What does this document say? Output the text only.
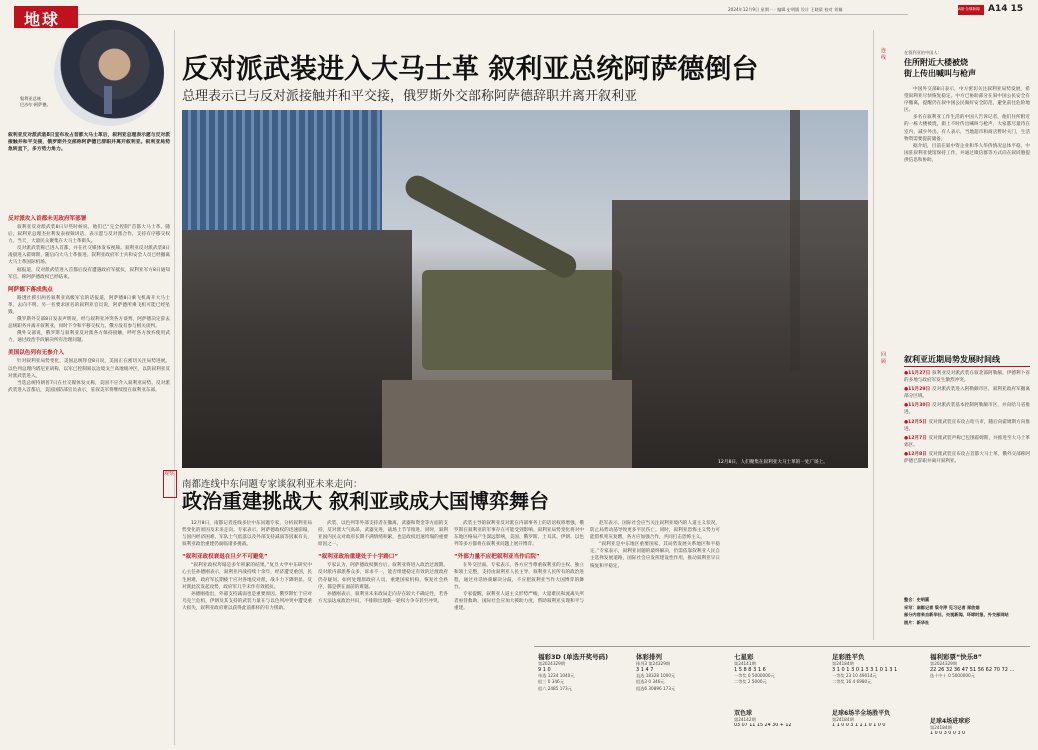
地球
2024年12月9日 星期一 · 编辑 史明圆 设计 王晓晨 校对 刘楠	A版·全球新闻 A14 15
叙利亚总统
巴沙尔·阿萨德。
叙利亚反对派武装8日宣布攻占首都大马士革后，叙利亚总理表示愿与反对派接触并和平交接，俄罗斯外交部称阿萨德已辞职并离开叙利亚。叙利亚局势急转直下，多方势力角力。
反对派攻入首都未见政府军部署
叙利亚反对派武装8日早些时候说，他们已“完全控制”首都大马士革。随后，叙利亚总理杰拉利发表视频讲话，表示愿与反对派合作，支持有序移交权力。当天，大量民众聚集在大马士革街头。
反对派武装称已进入首都，并在社交媒体发布视频。叙利亚反对派武装8日凌晨进入霍姆斯，随后向大马士革推进。叙利亚政府军士兵和安全人员已经撤离大马士革国际机场。
据报道，反对派武装进入首都后没有遭遇政府军抵抗，叙利亚军方8日通知军官，称阿萨德政权已经结束。
阿萨德下落成焦点
路透社援引两名叙利亚高级军官的话报道，阿萨德8日乘飞机离开大马士革，去向不明。另一名要求匿名的叙利亚官员说，阿萨德所乘飞机可能已经坠毁。
俄罗斯外交部8日发表声明说，经与叙利亚冲突各方谈判，阿萨德决定辞去总统职务并离开叙利亚，同时下令和平移交权力。俄方没有参与相关谈判。
俄外交部说，俄罗斯与叙利亚反对派各方保持接触，呼吁各方放弃使用武力，通过政治手段解决所有治理问题。
美国以色列有无参介入
针对叙利亚局势变化，美国总统拜登8日说，美国正在密切关注局势进展。以色列总理内塔尼亚胡称，以军已控制叙以边境戈兰高地缓冲区，以防叙利亚反对派武装进入。
当选总统特朗普7日在社交媒体发文称，美国不应介入叙利亚局势。反对派武装进入首都后，美国国防部官员表示，驻叙美军将继续留在叙利亚东部。
反对派武装进入大马士革 叙利亚总统阿萨德倒台
总理表示已与反对派接触并和平交接，俄罗斯外交部称阿萨德辞职并离开叙利亚
12月8日，人们聚集在叙利亚大马士革的一处广场上。
观察
南都连线中东问题专家谈叙利亚未来走向：
政治重建挑战大 叙利亚或成大国博弈舞台
12月8日，南都记者连线多位中东问题专家，分析叙利亚局势变化的原因及未来走向。专家表示，阿萨德政权的迅速崩塌，与国内经济困难、军队士气低落以及外部支持减弱等因素有关，叙利亚政治重建仍面临诸多挑战。
“叙利亚政权衰退在旦夕不可避免”
“叙利亚政权垮塌是多年积累的结果。”复旦大学中东研究中心主任孙德刚表示，叙利亚内战持续十余年，经济遭受重创，民生困难，政府军长期疲于应对各地反对派，战斗力下降明显。反对派此次发起攻势，政府军几乎未作有效抵抗。
孙德刚指出，外部支持减弱也是重要原因。俄罗斯忙于应对乌克兰危机，伊朗及其支持的武装力量在与以色列冲突中遭受重大损失，叙利亚政府难以获得此前那样的有力援助。
武装、以色列等外部支持者在撤离，武器和资金等方面的支持，反对派大气高昂，武器先进，战场上节节推进。同时，叙利亚国内民众对政府长期不满情绪积累，也是政权迅速垮塌的重要原因之一。
“叙利亚政治重建处于十字路口”
专家认为，阿萨德政权倒台后，叙利亚将进入政治过渡期。反对派内部派系众多，诉求不一，能否组建稳定有效的过渡政府仍存疑问。如何处理原政府人员、重建国家机构、恢复社会秩序，都是摆在面前的难题。
孙德刚表示，叙利亚未来政局走向存在较大不确定性，若各方无法达成政治共识，不排除出现新一轮权力争夺甚至冲突。
武装主导的叙利亚反对派在内部事务上的话语权将增强，俄罗斯在叙利亚的军事存在可能受到影响。叙利亚局势变化将对中东地区格局产生深远影响，美国、俄罗斯、土耳其、伊朗、以色列等多方都将在叙利亚问题上展开博弈。
“外部力量不应把叙利亚当作后院”
在外交层面，专家表示，各方应当尊重叙利亚的主权、独立和领土完整，支持由叙利亚人民主导、叙利亚人民所有的政治进程，通过对话协商解决分歧，不应把叙利亚当作大国博弈的舞台。
专家提醒，叙利亚人道主义形势严峻，大量难民和流离失所者亟待救助，国际社会应加大援助力度，帮助叙利亚实现和平与重建。
赵军表示，国际社会应当关注叙利亚境内的人道主义状况，防止局势动荡导致更多平民伤亡。同时，叙利亚恐怖主义势力可能借机死灰复燃，各方应加强合作，共同打击恐怖主义。
“叙利亚是中东地区重要国家，其局势发展关系地区和平稳定。”专家表示，叙利亚问题的最终解决，仍需依靠叙利亚人民自主选择发展道路，国际社会应发挥建设性作用，推动叙利亚早日恢复和平稳定。
连线
在叙利亚的中国人：
住所附近大楼被烧
街上传出喊叫与枪声
中国外交部8日表示，中方密切关注叙利亚局势发展，希望叙利亚尽快恢复稳定。中方已协助部分在叙中国公民安全有序撤离，提醒仍在叙中国公民做好安全防范，避免前往危险地区。
多名在叙利亚工作生活的中国人告诉记者，他们住所附近的一栋大楼被烧，街上不时传出喊叫与枪声，大家都尽量待在室内，减少外出。有人表示，当地超市和商店暂时关门，生活物资需要提前储备。
据介绍，目前在叙中资企业和华人华侨情况总体平稳，中国驻叙利亚使馆保持工作，并通过微信群等方式向在叙同胞提供信息和协助。
回顾	叙利亚近期局势发展时间线
●11月27日 叙利亚反对派武装在叙北部阿勒颇、伊德利卜省的多地与政府军发生激烈冲突。
●11月29日 反对派武装进入阿勒颇市区，叙利亚政府军撤离部分区域。
●11月30日 反对派武装基本控制阿勒颇市区，并向哈马省推进。
●12月5日 反对派武装宣布攻占哈马市，随后向霍姆斯方向推进。
●12月7日 反对派武装声称已包围霍姆斯，并推进至大马士革郊区。
●12月8日 反对派武装宣布攻占首都大马士革，俄外交部称阿萨德已辞职并离开叙利亚。
整合：史明圆
采写：南都记者 梁令萍 见习记者 郑欣娟
部分内容来自新华社、央视新闻、环球时报、外交部网站
图片：新华社
福彩3D (单选开奖号码)
第2024329期
9 1 0
单选 1234 1040元
组三 0 346元
组六 2485 173元
体彩排列
排列3 第24329期
3 1 4 7
直选 18328 1000元
组选3 0 346元
组选6 30896 173元
七星彩
第24141期
1 5 8 8 3 1 6
一等奖 0 5000000元
二等奖 2 5000元
足彩胜平负
第24184期
3 1 0 1 3 0 1 3 3 1 0 1 3 1
一等奖 23 10 49014元
二等奖 16 4 6980元
福利彩票“快乐8”
第2024329期
22 26 32 36 47 51 56 62 70 72 ...
选十中十 0 5000000元
双色球
第24142期
03 07 11 15 24 30 + 12
足球6场半全场胜平负
第24184期
1 1 0 0 3 1 1 1 0 1 0 0
足球4场进球彩
第24184期
1 0 0 3 0 0 3 0
